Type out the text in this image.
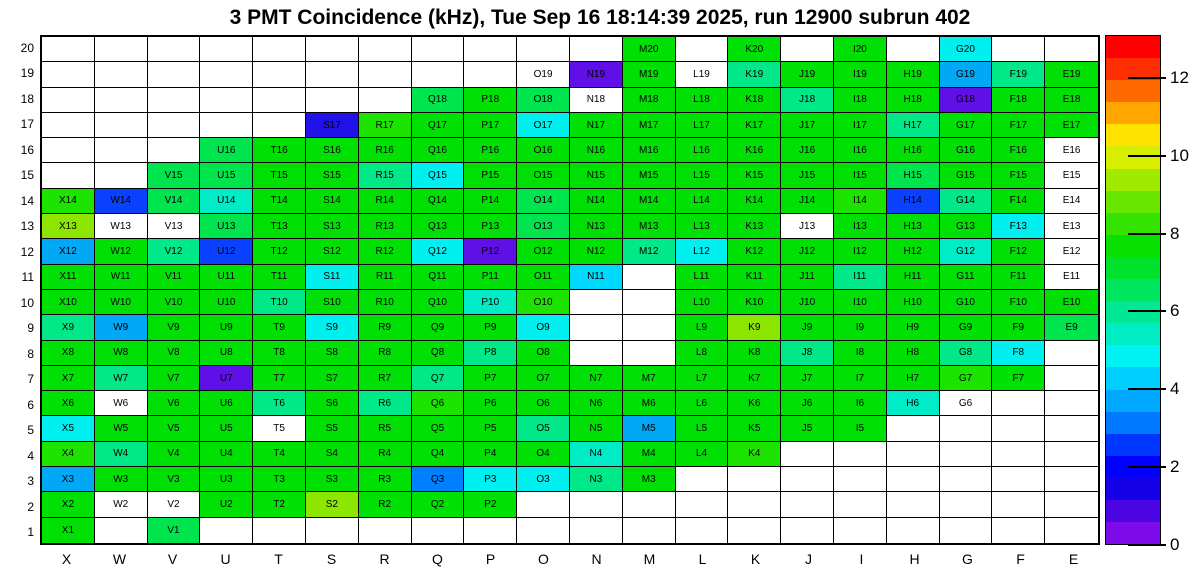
3 PMT Coincidence (kHz), Tue Sep 16 18:14:39 2025, run 12900 subrun 402
M20	K20	I20	G20
O19	N19	M19	L19	K19	J19	I19	H19	G19	F19	E19
Q18	P18	O18	N18	M18	L18	K18	J18	I18	H18	G18	F18	E18
S17	R17	Q17	P17	O17	N17	M17	L17	K17	J17	I17	H17	G17	F17	E17
U16	T16	S16	R16	Q16	P16	O16	N16	M16	L16	K16	J16	I16	H16	G16	F16	E16
V15	U15	T15	S15	R15	Q15	P15	O15	N15	M15	L15	K15	J15	I15	H15	G15	F15	E15
X14	W14	V14	U14	T14	S14	R14	Q14	P14	O14	N14	M14	L14	K14	J14	I14	H14	G14	F14	E14
X13	W13	V13	U13	T13	S13	R13	Q13	P13	O13	N13	M13	L13	K13	J13	I13	H13	G13	F13	E13
X12	W12	V12	U12	T12	S12	R12	Q12	P12	O12	N12	M12	L12	K12	J12	I12	H12	G12	F12	E12
X11	W11	V11	U11	T11	S11	R11	Q11	P11	O11	N11	L11	K11	J11	I11	H11	G11	F11	E11
X10	W10	V10	U10	T10	S10	R10	Q10	P10	O10	L10	K10	J10	I10	H10	G10	F10	E10
X9	W9	V9	U9	T9	S9	R9	Q9	P9	O9	L9	K9	J9	I9	H9	G9	F9	E9
X8	W8	V8	U8	T8	S8	R8	Q8	P8	O8	L8	K8	J8	I8	H8	G8	F8
X7	W7	V7	U7	T7	S7	R7	Q7	P7	O7	N7	M7	L7	K7	J7	I7	H7	G7	F7
X6	W6	V6	U6	T6	S6	R6	Q6	P6	O6	N6	M6	L6	K6	J6	I6	H6	G6
X5	W5	V5	U5	T5	S5	R5	Q5	P5	O5	N5	M5	L5	K5	J5	I5
X4	W4	V4	U4	T4	S4	R4	Q4	P4	O4	N4	M4	L4	K4
X3	W3	V3	U3	T3	S3	R3	Q3	P3	O3	N3	M3
X2	W2	V2	U2	T2	S2	R2	Q2	P2
X1	V1
20
19
18
17
16
15
14
13
12
11
10
9
8
7
6
5
4
3
2
1
X	W	V	U	T	S	R	Q	P	O	N	M	L	K	J	I	H	G	F	E
0
2
4
6
8
10
12
